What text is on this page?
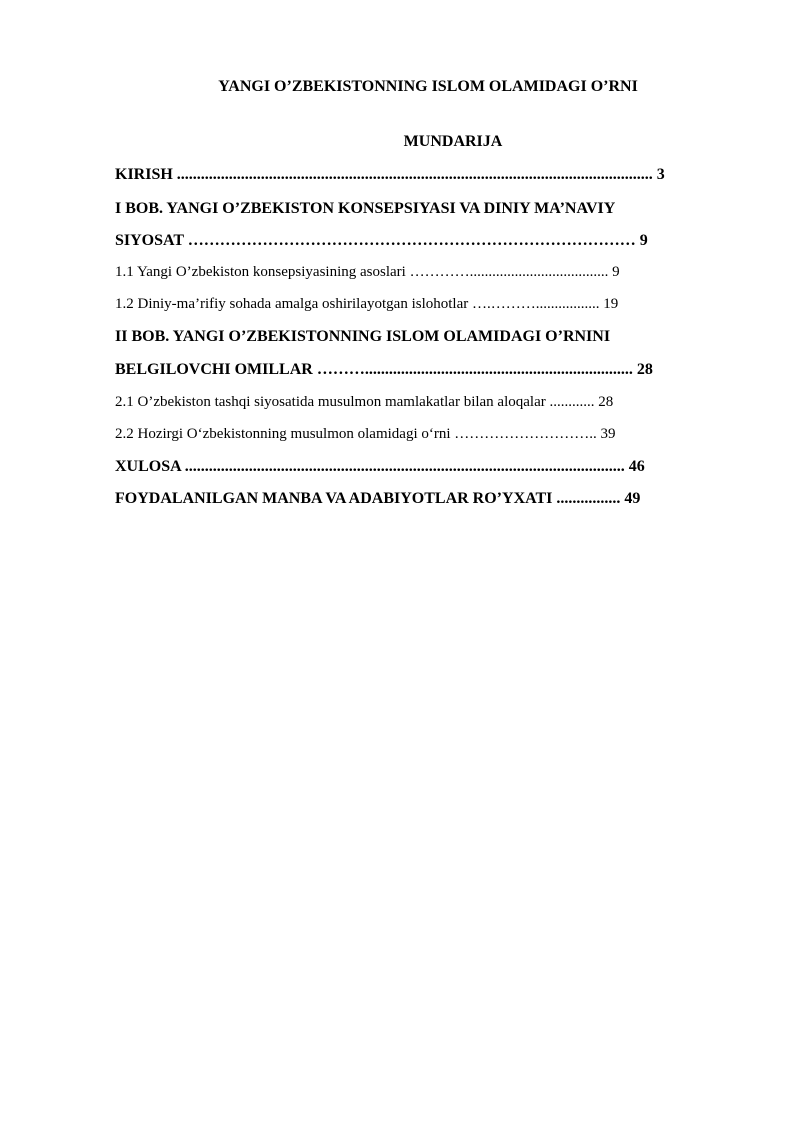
YANGI O’ZBEKISTONNING ISLOM OLAMIDAGI O’RNI
MUNDARIJA
KIRISH ....................................................................................................................... 3
I BOB. YANGI O’ZBEKISTON KONSEPSIYASI VA DINIY MA’NAVIY
SIYOSAT ………………………………………………………………………… 9
1.1 Yangi O’zbekiston konsepsiyasining asoslari …………..................................... 9
1.2 Diniy-ma’rifiy sohada amalga oshirilayotgan islohotlar ….………................. 19
II BOB. YANGI O’ZBEKISTONNING ISLOM OLAMIDAGI O’RNINI
BELGILOVCHI OMILLAR ………................................................................... 28
2.1 O’zbekiston tashqi siyosatida musulmon mamlakatlar bilan aloqalar ............ 28
2.2 Hozirgi O‘zbekistonning musulmon olamidagi o‘rni ……………………….. 39
XULOSA .............................................................................................................. 46
FOYDALANILGAN MANBA VA ADABIYOTLAR RO’YXATI ................ 49
